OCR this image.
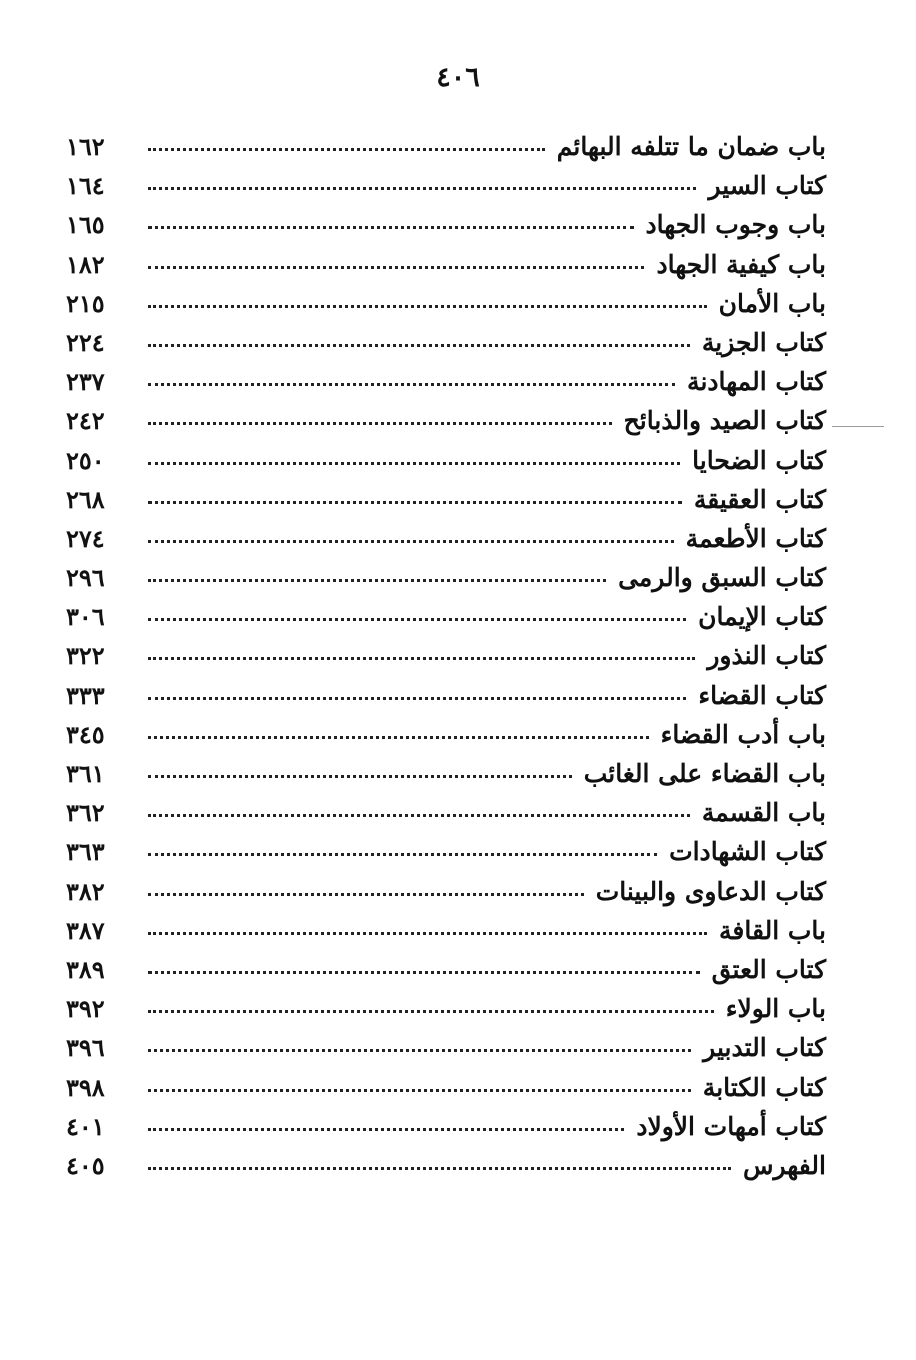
٤٠٦
باب ضمان ما تتلفه البهائم
١٦٢
كتاب السير
١٦٤
باب وجوب الجهاد
١٦٥
باب كيفية الجهاد
١٨٢
باب الأمان
٢١٥
كتاب الجزية
٢٢٤
كتاب المهادنة
٢٣٧
كتاب الصيد والذبائح
٢٤٢
كتاب الضحايا
٢٥٠
كتاب العقيقة
٢٦٨
كتاب الأطعمة
٢٧٤
كتاب السبق والرمى
٢٩٦
كتاب الإيمان
٣٠٦
كتاب النذور
٣٢٢
كتاب القضاء
٣٣٣
باب أدب القضاء
٣٤٥
باب القضاء على الغائب
٣٦١
باب القسمة
٣٦٢
كتاب الشهادات
٣٦٣
كتاب الدعاوى والبينات
٣٨٢
باب القافة
٣٨٧
كتاب العتق
٣٨٩
باب الولاء
٣٩٢
كتاب التدبير
٣٩٦
كتاب الكتابة
٣٩٨
كتاب أمهات الأولاد
٤٠١
الفهرس
٤٠٥
